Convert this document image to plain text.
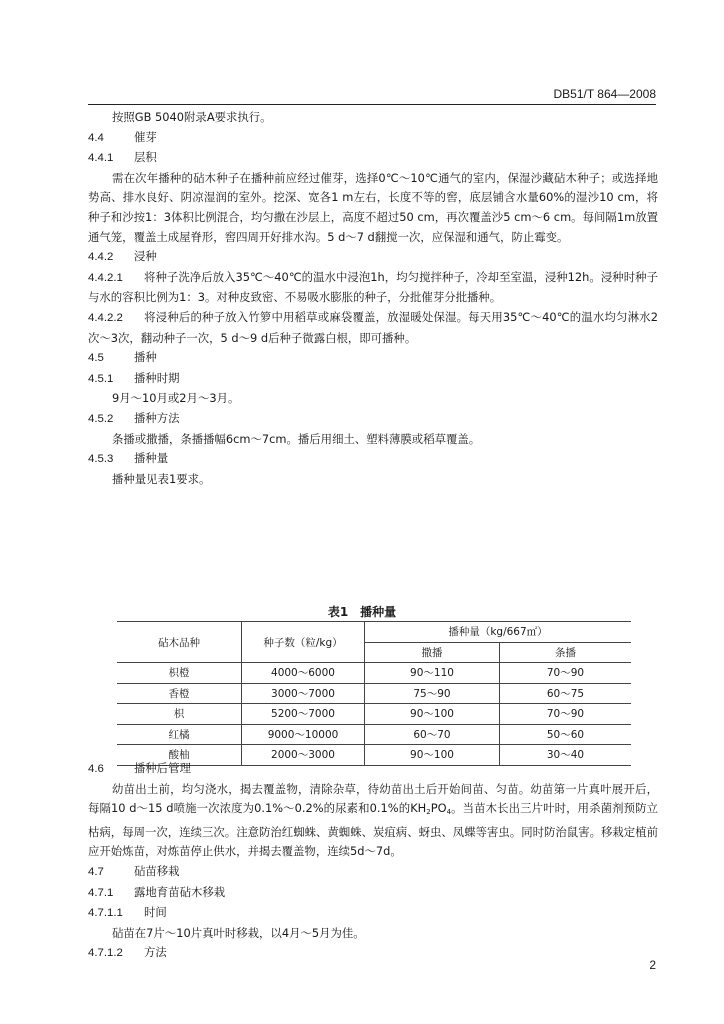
DB51/T 864—2008
按照GB 5040附录A要求执行。
4.4	催芽
4.4.1 层积
需在次年播种的砧木种子在播种前应经过催芽，选择0℃～10℃通气的室内，保湿沙藏砧木种子；或选择地势高、排水良好、阴凉湿润的室外。挖深、宽各1 m左右，长度不等的窖，底层铺含水量60%的湿沙10 cm，将种子和沙按1：3体积比例混合，均匀撒在沙层上，高度不超过50 cm，再次覆盖沙5 cm～6 cm。每间隔1m放置通气笼，覆盖土成屋脊形，窖四周开好排水沟。5 d～7 d翻搅一次，应保湿和通气，防止霉变。
4.4.2 浸种
4.4.2.1 将种子洗净后放入35℃～40℃的温水中浸泡1h，均匀搅拌种子，冷却至室温，浸种12h。浸种时种子与水的容积比例为1：3。对种皮致密、不易吸水膨胀的种子，分批催芽分批播种。
4.4.2.2 将浸种后的种子放入竹箩中用稻草或麻袋覆盖，放湿暖处保湿。每天用35℃～40℃的温水均匀淋水2次～3次，翻动种子一次，5 d～9 d后种子微露白根，即可播种。
4.5	播种
4.5.1 播种时期
9月～10月或2月～3月。
4.5.2 播种方法
条播或撒播，条播播幅6cm～7cm。播后用细土、塑料薄膜或稻草覆盖。
4.5.3 播种量
播种量见表1要求。
表1　播种量
砧木品种	种子数（粒/kg）	播种量（kg/667㎡）	
		撒播	条播
枳橙	4000～6000	90～110	70～90
香橙	3000～7000	75～90	60～75
枳	5200～7000	90～100	70～90
红橘	9000～10000	60～70	50～60
酸柚	2000～3000	90～100	30～40
4.6	播种后管理
幼苗出土前，均匀浇水，揭去覆盖物，清除杂草，待幼苗出土后开始间苗、匀苗。幼苗第一片真叶展开后，每隔10 d～15 d喷施一次浓度为0.1%～0.2%的尿素和0.1%的$KH_2PO_4$。当苗木长出三片叶时，用杀菌剂预防立枯病，每周一次，连续三次。注意防治红蜘蛛、黄蜘蛛、炭疽病、蚜虫、凤蝶等害虫。同时防治鼠害。移栽定植前应开始炼苗，对炼苗停止供水，并揭去覆盖物，连续5d～7d。
4.7	砧苗移栽
4.7.1 露地育苗砧木移栽
4.7.1.1 时间
砧苗在7片～10片真叶时移栽，以4月～5月为佳。
4.7.1.2 方法
2
